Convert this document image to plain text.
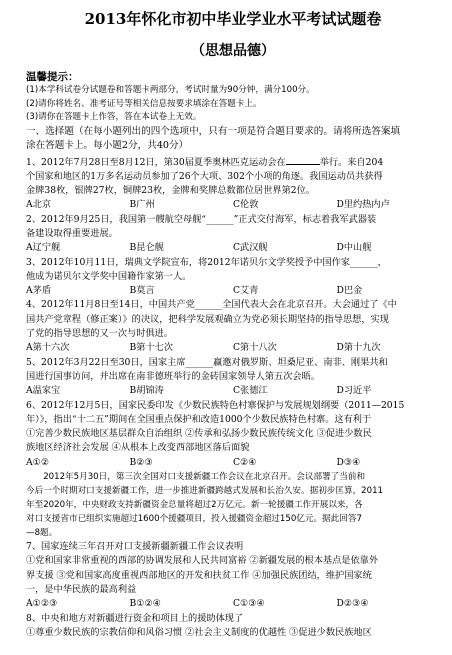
2013年怀化市初中毕业学业水平考试试题卷
（思想品德）
温馨提示：
(1)本学科试卷分试题卷和答题卡两部分，考试时量为90分钟，满分100分。
(2)请你将姓名、准考证号等相关信息按要求填涂在答题卡上。
(3)请你在答题卡上作答，答在本试卷上无效。
一、选择题（在每小题列出的四个选项中，只有一项是符合题目要求的。请将所选答案填
涂在答题卡上。每小题2分，共40分）

1、2012年7月28日至8月12日，第30届夏季奥林匹克运动会在	举行。来自204

个国家和地区的1万多名运动员参加了26个大项、302个小项的角逐。我国运动员共获得

金牌38枚，银牌27枚，铜牌23枚，金牌和奖牌总数都位居世界第2位。

A北京	B广州	C伦敦	D里约热内卢

2、2012年9月25日，我国第一艘航空母舰“______”正式交付海军，标志着我军武器装

备建设取得重要进展。

A辽宁舰	B昆仑舰	C武汉舰	D中山舰

3、2012年10月11日，瑞典文学院宣布，将2012年诺贝尔文学奖授予中国作家______，

他成为诺贝尔文学奖中国籍作家第一人。

A茅盾	B莫言	C艾青	D巴金

4、2012年11月8日至14日，中国共产党______全国代表大会在北京召开。大会通过了《中

国共产党章程（修正案）》的决议，把科学发展观确立为党必须长期坚持的指导思想，实现

了党的指导思想的又一次与时俱进。

A第十六次	B第十七次	C第十八次	D第十九次

5、2012年3月22日至30日，国家主席______赢邀对俄罗斯、坦桑尼亚、南非、刚果共和

国进行国事访问，并出席在南非德班举行的金砖国家领导人第五次会晤。

A温家宝	B胡锦涛	C张德江	D习近平

6、2012年12月5日，国家民委印发《少数民族特色村寨保护与发展规划纲要（2011—2015

年）》，指出“十二五”期间在全国重点保护和改造1000个少数民族特色村寨。这有利于

①完善少数民族地区基层群众自治组织 ②传承和弘扬少数民族传统文化 ③促进少数民

族地区经济社会发展 ④从根本上改变西部地区落后面貌

A①②	B②③	C②④	D③④
2012年5月30日，第三次全国对口支援新疆工作会议在北京召开。会议部署了当前和
今后一个时期对口支援新疆工作，进一步推进新疆跨越式发展和长治久安。据初步匡算，2011
年至2020年，中央财政支持新疆资金总量将超过2万亿元。新一轮援疆工作开展以来，各
对口支援省市已组织实施超过1600个援疆项目，投入援疆资金超过150亿元。据此回答7
—8题。

7、国家连续三年召开对口支援新疆新疆工作会议表明

①党和国家非常重视的西部的协调发展和人民共同富裕 ②新疆发展的根本基点是依靠外

界支援 ③党和国家高度重视西部地区的开发和扶贫工作 ④加强民族团结，维护国家统

一，是中华民族的最高利益

A①②③	B①②④	C①③④	D②③④

8、中央和地方对新疆进行资金和项目上的援助体现了

①尊重少数民族的宗教信仰和风俗习惯 ②社会主义制度的优越性 ③促进少数民族地区
